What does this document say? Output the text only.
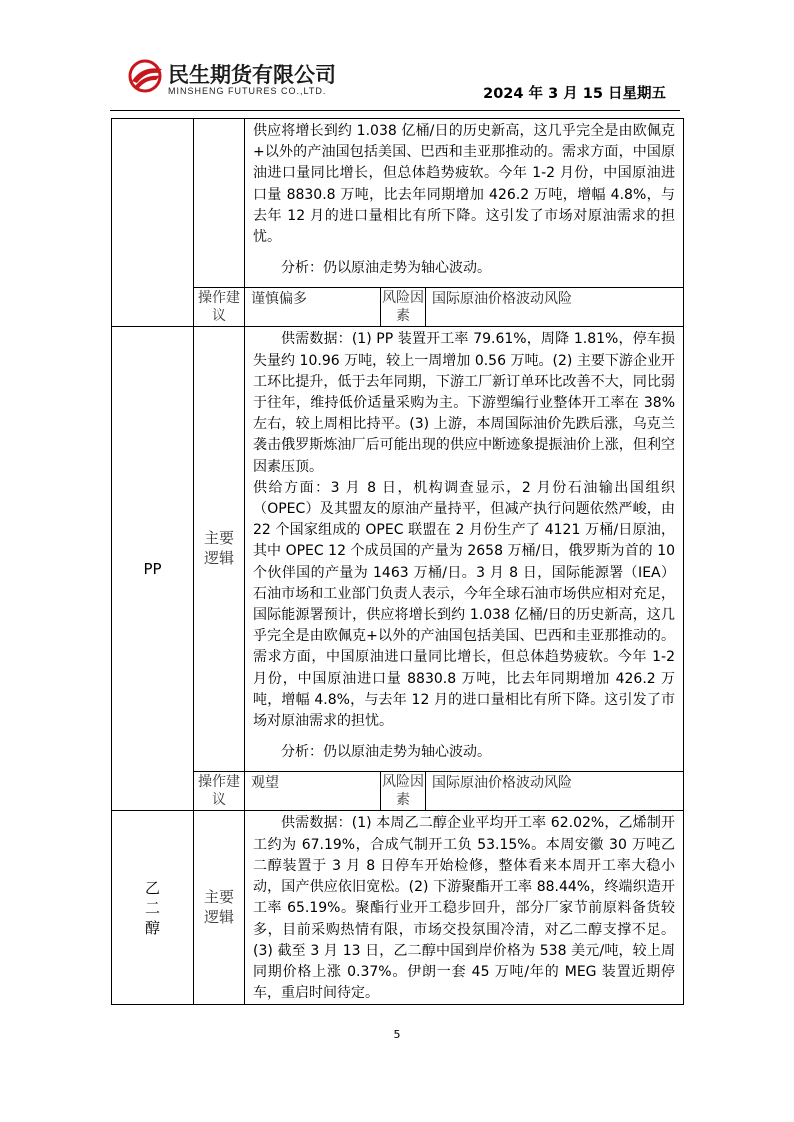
民生期货有限公司
MINSHENG FUTURES CO.,LTD.	2024 年 3 月 15 日星期五

		供应将增长到约 1.038 亿桶/日的历史新高，这几乎完全是由欧佩克+以外的产油国包括美国、巴西和圭亚那推动的。需求方面，中国原油进口量同比增长，但总体趋势疲软。今年 1-2 月份，中国原油进口量 8830.8 万吨，比去年同期增加 426.2 万吨，增幅 4.8%，与去年 12 月的进口量相比有所下降。这引发了市场对原油需求的担忧。

分析：仍以原油走势为轴心波动。		

	操作建议	谨慎偏多	风险因素	国际原油价格波动风险
PP	主要逻辑	供需数据：(1) PP 装置开工率 79.61%，周降 1.81%，停车损失量约 10.96 万吨，较上一周增加 0.56 万吨。(2) 主要下游企业开工环比提升，低于去年同期，下游工厂新订单环比改善不大，同比弱于往年，维持低价适量采购为主。下游塑编行业整体开工率在 38%左右，较上周相比持平。(3) 上游，本周国际油价先跌后涨，乌克兰袭击俄罗斯炼油厂后可能出现的供应中断迹象提振油价上涨，但利空因素压顶。

供给方面：3 月 8 日，机构调查显示，2 月份石油输出国组织（OPEC）及其盟友的原油产量持平，但减产执行问题依然严峻，由 22 个国家组成的 OPEC 联盟在 2 月份生产了 4121 万桶/日原油，其中 OPEC 12 个成员国的产量为 2658 万桶/日，俄罗斯为首的 10 个伙伴国的产量为 1463 万桶/日。3 月 8 日，国际能源署（IEA）石油市场和工业部门负责人表示，今年全球石油市场供应相对充足，国际能源署预计，供应将增长到约 1.038 亿桶/日的历史新高，这几乎完全是由欧佩克+以外的产油国包括美国、巴西和圭亚那推动的。需求方面，中国原油进口量同比增长，但总体趋势疲软。今年 1-2 月份，中国原油进口量 8830.8 万吨，比去年同期增加 426.2 万吨，增幅 4.8%，与去年 12 月的进口量相比有所下降。这引发了市场对原油需求的担忧。

分析：仍以原油走势为轴心波动。		

	操作建议	观望	风险因素	国际原油价格波动风险
乙二醇	主要逻辑	供需数据：(1) 本周乙二醇企业平均开工率 62.02%，乙烯制开工约为 67.19%，合成气制开工负 53.15%。本周安徽 30 万吨乙二醇装置于 3 月 8 日停车开始检修，整体看来本周开工率大稳小动，国产供应依旧宽松。(2) 下游聚酯开工率 88.44%，终端织造开工率 65.19%。聚酯行业开工稳步回升，部分厂家节前原料备货较多，目前采购热情有限，市场交投氛围冷清，对乙二醇支撑不足。(3) 截至 3 月 13 日，乙二醇中国到岸价格为 538 美元/吨，较上周同期价格上涨 0.37%。伊朗一套 45 万吨/年的 MEG 装置近期停车，重启时间待定。		

5
